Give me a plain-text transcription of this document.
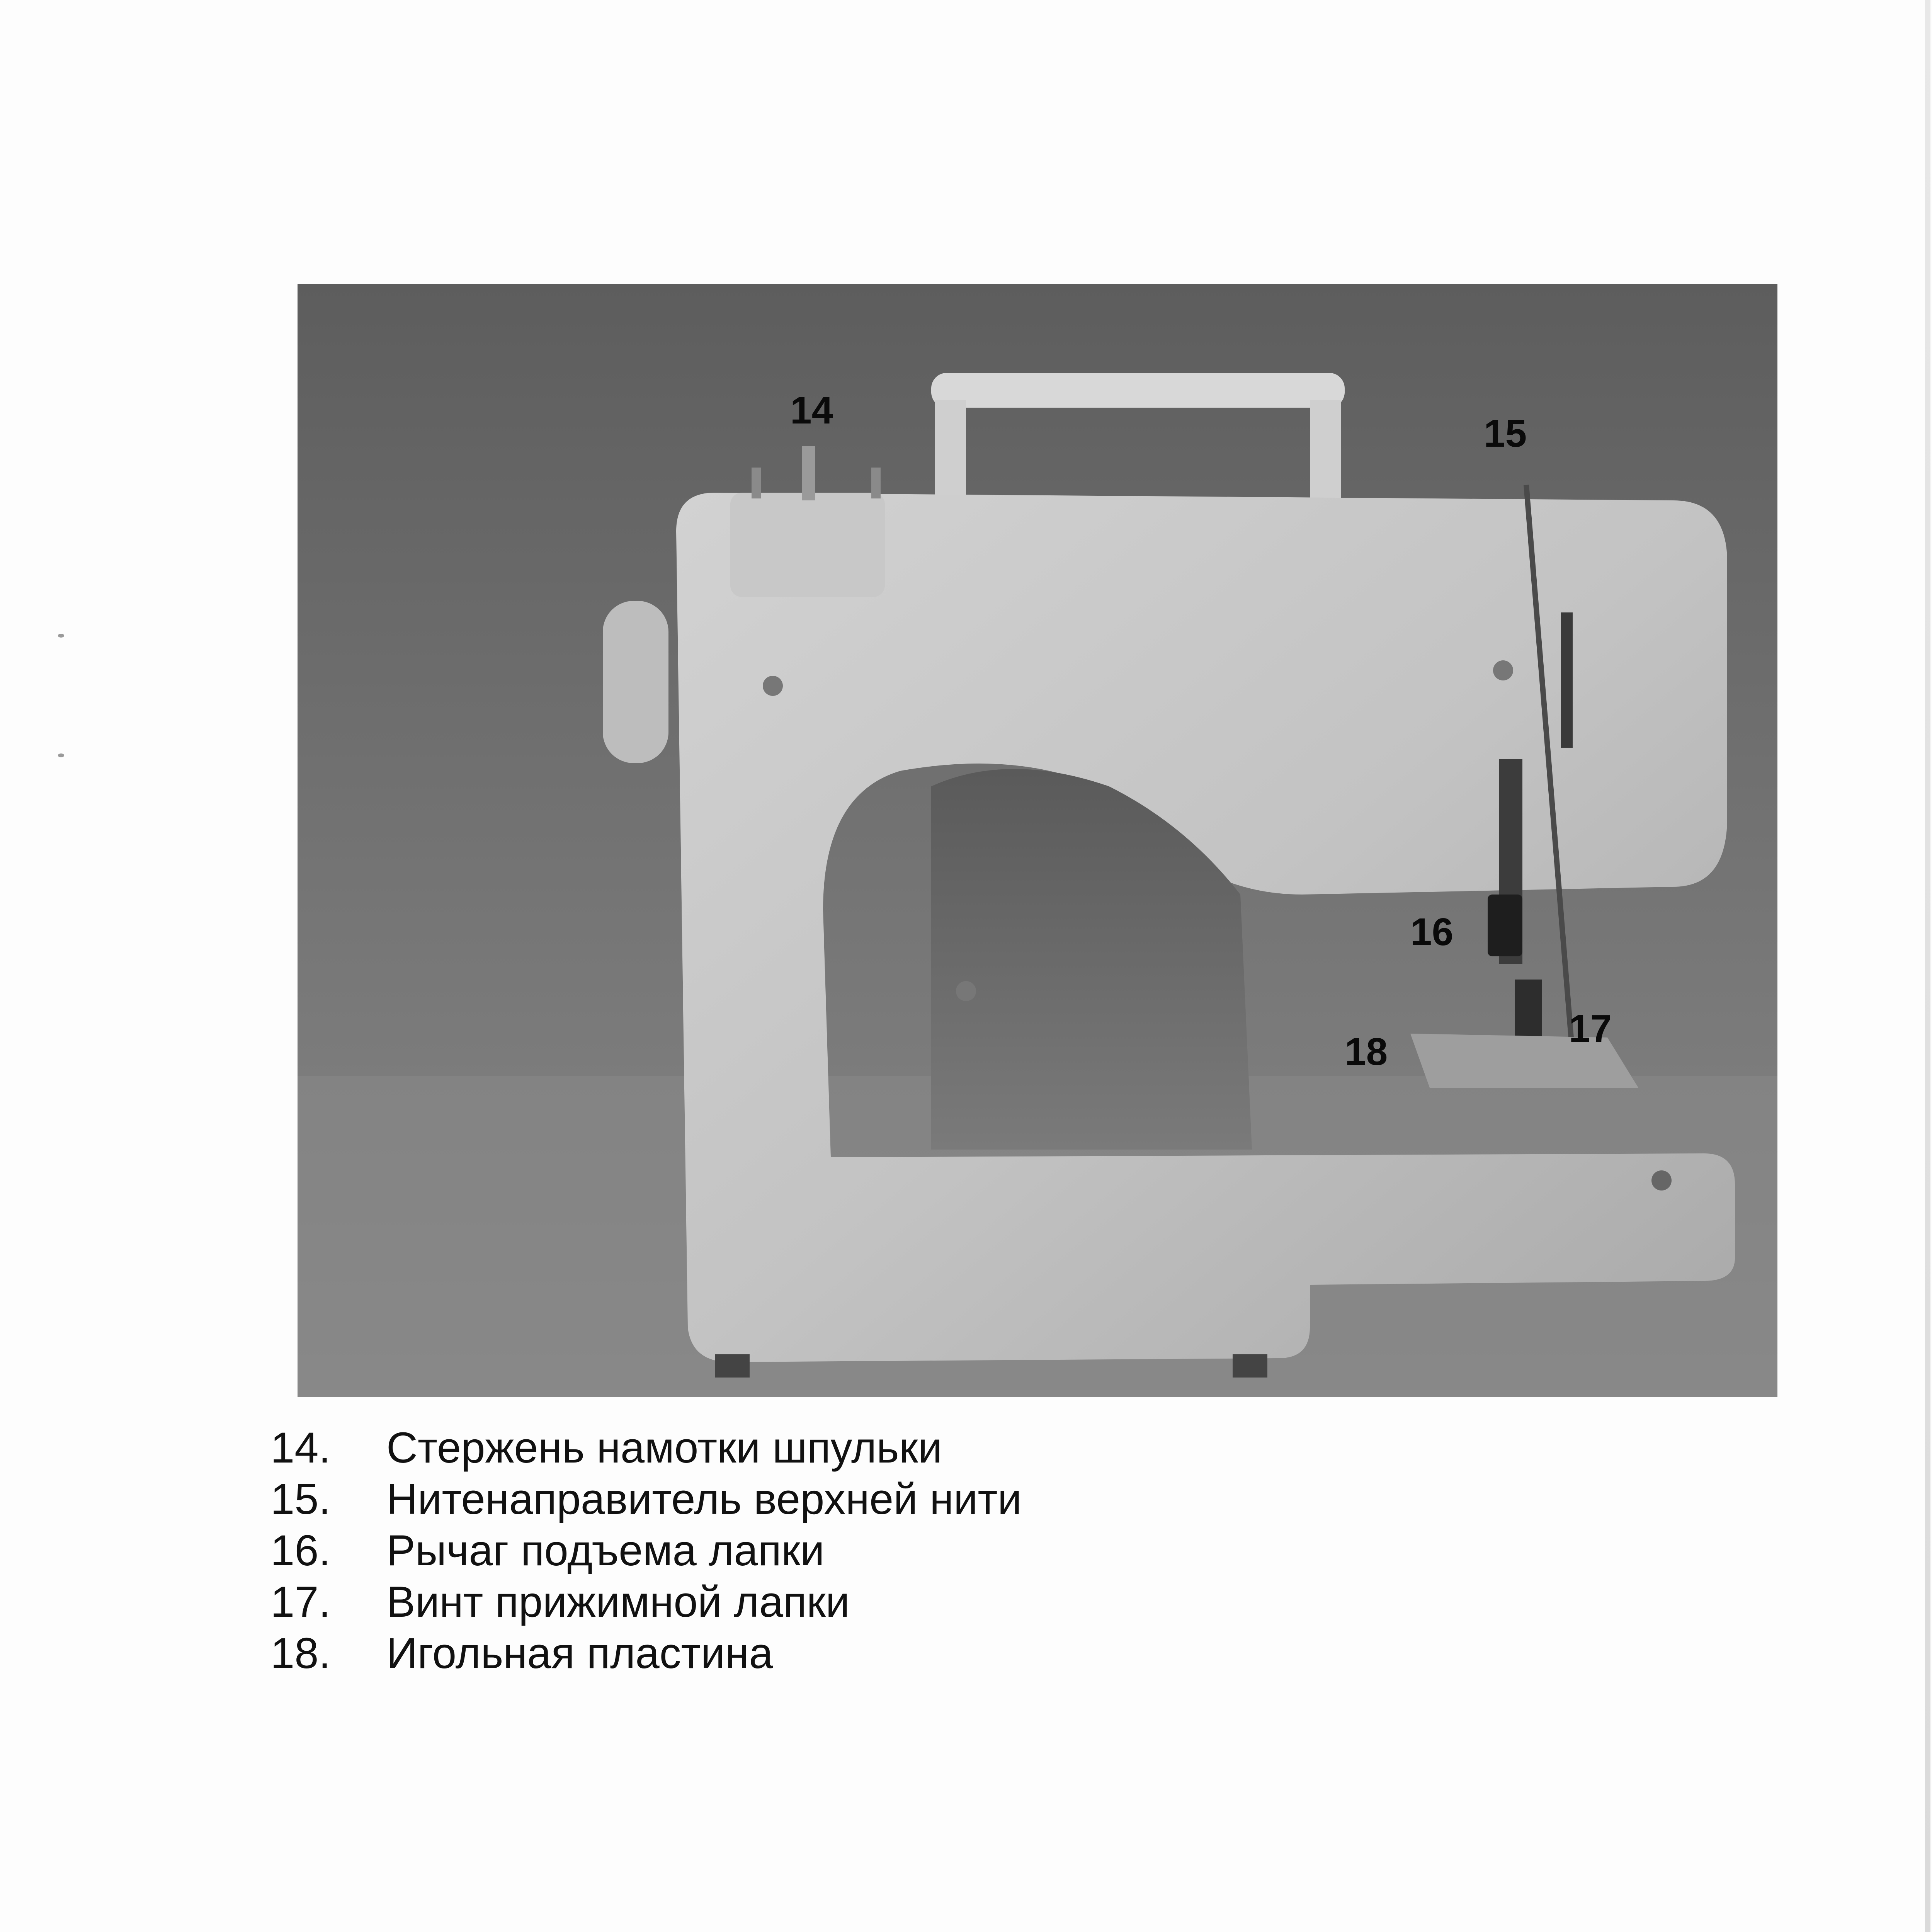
14
15
16
17
18
14.	Стержень намотки шпульки
15.	Нитенаправитель верхней нити
16.	Рычаг подъема лапки
17.	Винт прижимной лапки
18.	Игольная пластина
